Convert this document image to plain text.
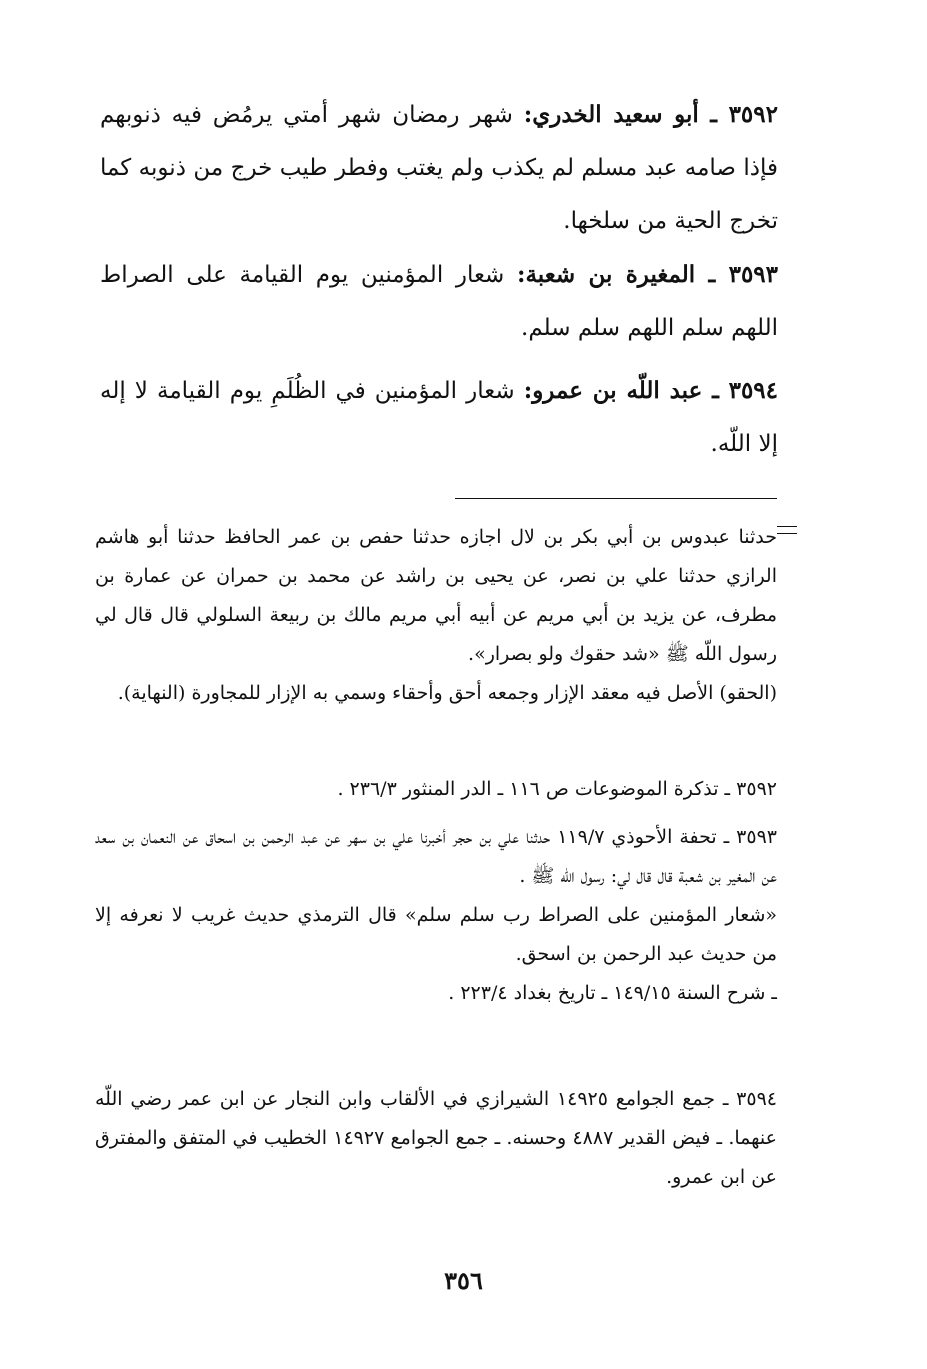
٣٥٩٢ ـ أبو سعيد الخدري: شهر رمضان شهر أمتي يرمُض فيه ذنوبهم فإذا صامه عبد مسلم لم يكذب ولم يغتب وفطر طيب خرج من ذنوبه كما تخرج الحية من سلخها.

٣٥٩٣ ـ المغيرة بن شعبة: شعار المؤمنين يوم القيامة على الصراط اللهم سلم اللهم سلم سلم.

٣٥٩٤ ـ عبد اللّه بن عمرو: شعار المؤمنين في الظُلَمِ يوم القيامة لا إله إلا اللّه.

حدثنا عبدوس بن أبي بكر بن لال اجازه حدثنا حفص بن عمر الحافظ حدثنا أبو هاشم الرازي حدثنا علي بن نصر، عن يحيى بن راشد عن محمد بن حمران عن عمارة بن مطرف، عن يزيد بن أبي مريم عن أبيه أبي مريم مالك بن ربيعة السلولي قال قال لي رسول اللّه ﷺ «شد حقوك ولو بصرار».

(الحقو) الأصل فيه معقد الإزار وجمعه أحق وأحقاء وسمي به الإزار للمجاورة (النهاية).

٣٥٩٢ ـ تذكرة الموضوعات ص ١١٦ ـ الدر المنثور ٢٣٦/٣ .

٣٥٩٣ ـ تحفة الأحوذي ١١٩/٧ حدثنا علي بن حجر أخبرنا علي بن سهر عن عبد الرحمن بن اسحاق عن النعمان بن سعد عن المغير بن شعبة قال قال لي: رسول اللّه ﷺ .

«شعار المؤمنين على الصراط رب سلم سلم» قال الترمذي حديث غريب لا نعرفه إلا من حديث عبد الرحمن بن اسحق.

ـ شرح السنة ١٤٩/١٥ ـ تاريخ بغداد ٢٢٣/٤ .

٣٥٩٤ ـ جمع الجوامع ١٤٩٢٥ الشيرازي في الألقاب وابن النجار عن ابن عمر رضي اللّه عنهما. ـ فيض القدير ٤٨٨٧ وحسنه. ـ جمع الجوامع ١٤٩٢٧ الخطيب في المتفق والمفترق عن ابن عمرو.

٣٥٦
